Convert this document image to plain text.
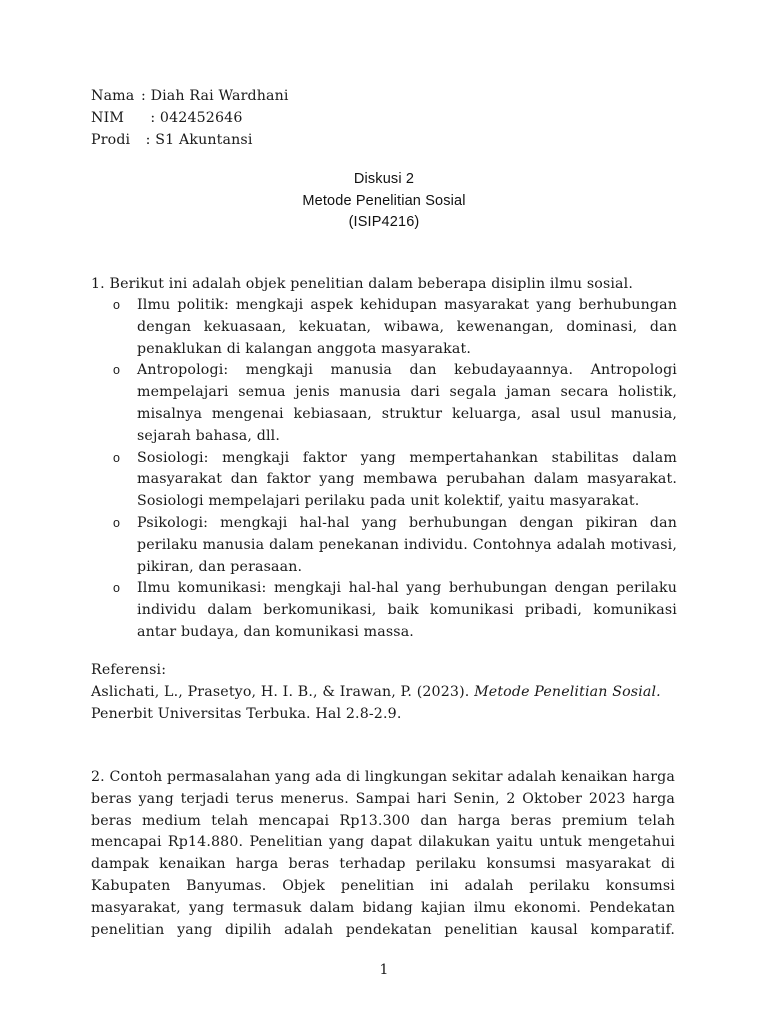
Nama : Diah Rai Wardhani
NIM	: 042452646
Prodi : S1 Akuntansi
Diskusi 2
Metode Penelitian Sosial
(ISIP4216)
1. Berikut ini adalah objek penelitian dalam beberapa disiplin ilmu sosial.
o Ilmu politik: mengkaji aspek kehidupan masyarakat yang berhubungan dengan kekuasaan, kekuatan, wibawa, kewenangan, dominasi, dan penaklukan di kalangan anggota masyarakat.
o Antropologi: mengkaji manusia dan kebudayaannya. Antropologi mempelajari semua jenis manusia dari segala jaman secara holistik, misalnya mengenai kebiasaan, struktur keluarga, asal usul manusia, sejarah bahasa, dll.
o Sosiologi: mengkaji faktor yang mempertahankan stabilitas dalam masyarakat dan faktor yang membawa perubahan dalam masyarakat. Sosiologi mempelajari perilaku pada unit kolektif, yaitu masyarakat.
o Psikologi: mengkaji hal-hal yang berhubungan dengan pikiran dan perilaku manusia dalam penekanan individu. Contohnya adalah motivasi, pikiran, dan perasaan.
o Ilmu komunikasi: mengkaji hal-hal yang berhubungan dengan perilaku individu dalam berkomunikasi, baik komunikasi pribadi, komunikasi antar budaya, dan komunikasi massa.
Referensi:
Aslichati, L., Prasetyo, H. I. B., & Irawan, P. (2023). Metode Penelitian Sosial.
Penerbit Universitas Terbuka. Hal 2.8-2.9.
2. Contoh permasalahan yang ada di lingkungan sekitar adalah kenaikan harga beras yang terjadi terus menerus. Sampai hari Senin, 2 Oktober 2023 harga beras medium telah mencapai Rp13.300 dan harga beras premium telah mencapai Rp14.880. Penelitian yang dapat dilakukan yaitu untuk mengetahui dampak kenaikan harga beras terhadap perilaku konsumsi masyarakat di Kabupaten Banyumas. Objek penelitian ini adalah perilaku konsumsi masyarakat, yang termasuk dalam bidang kajian ilmu ekonomi. Pendekatan penelitian yang dipilih adalah pendekatan penelitian kausal komparatif.
1
